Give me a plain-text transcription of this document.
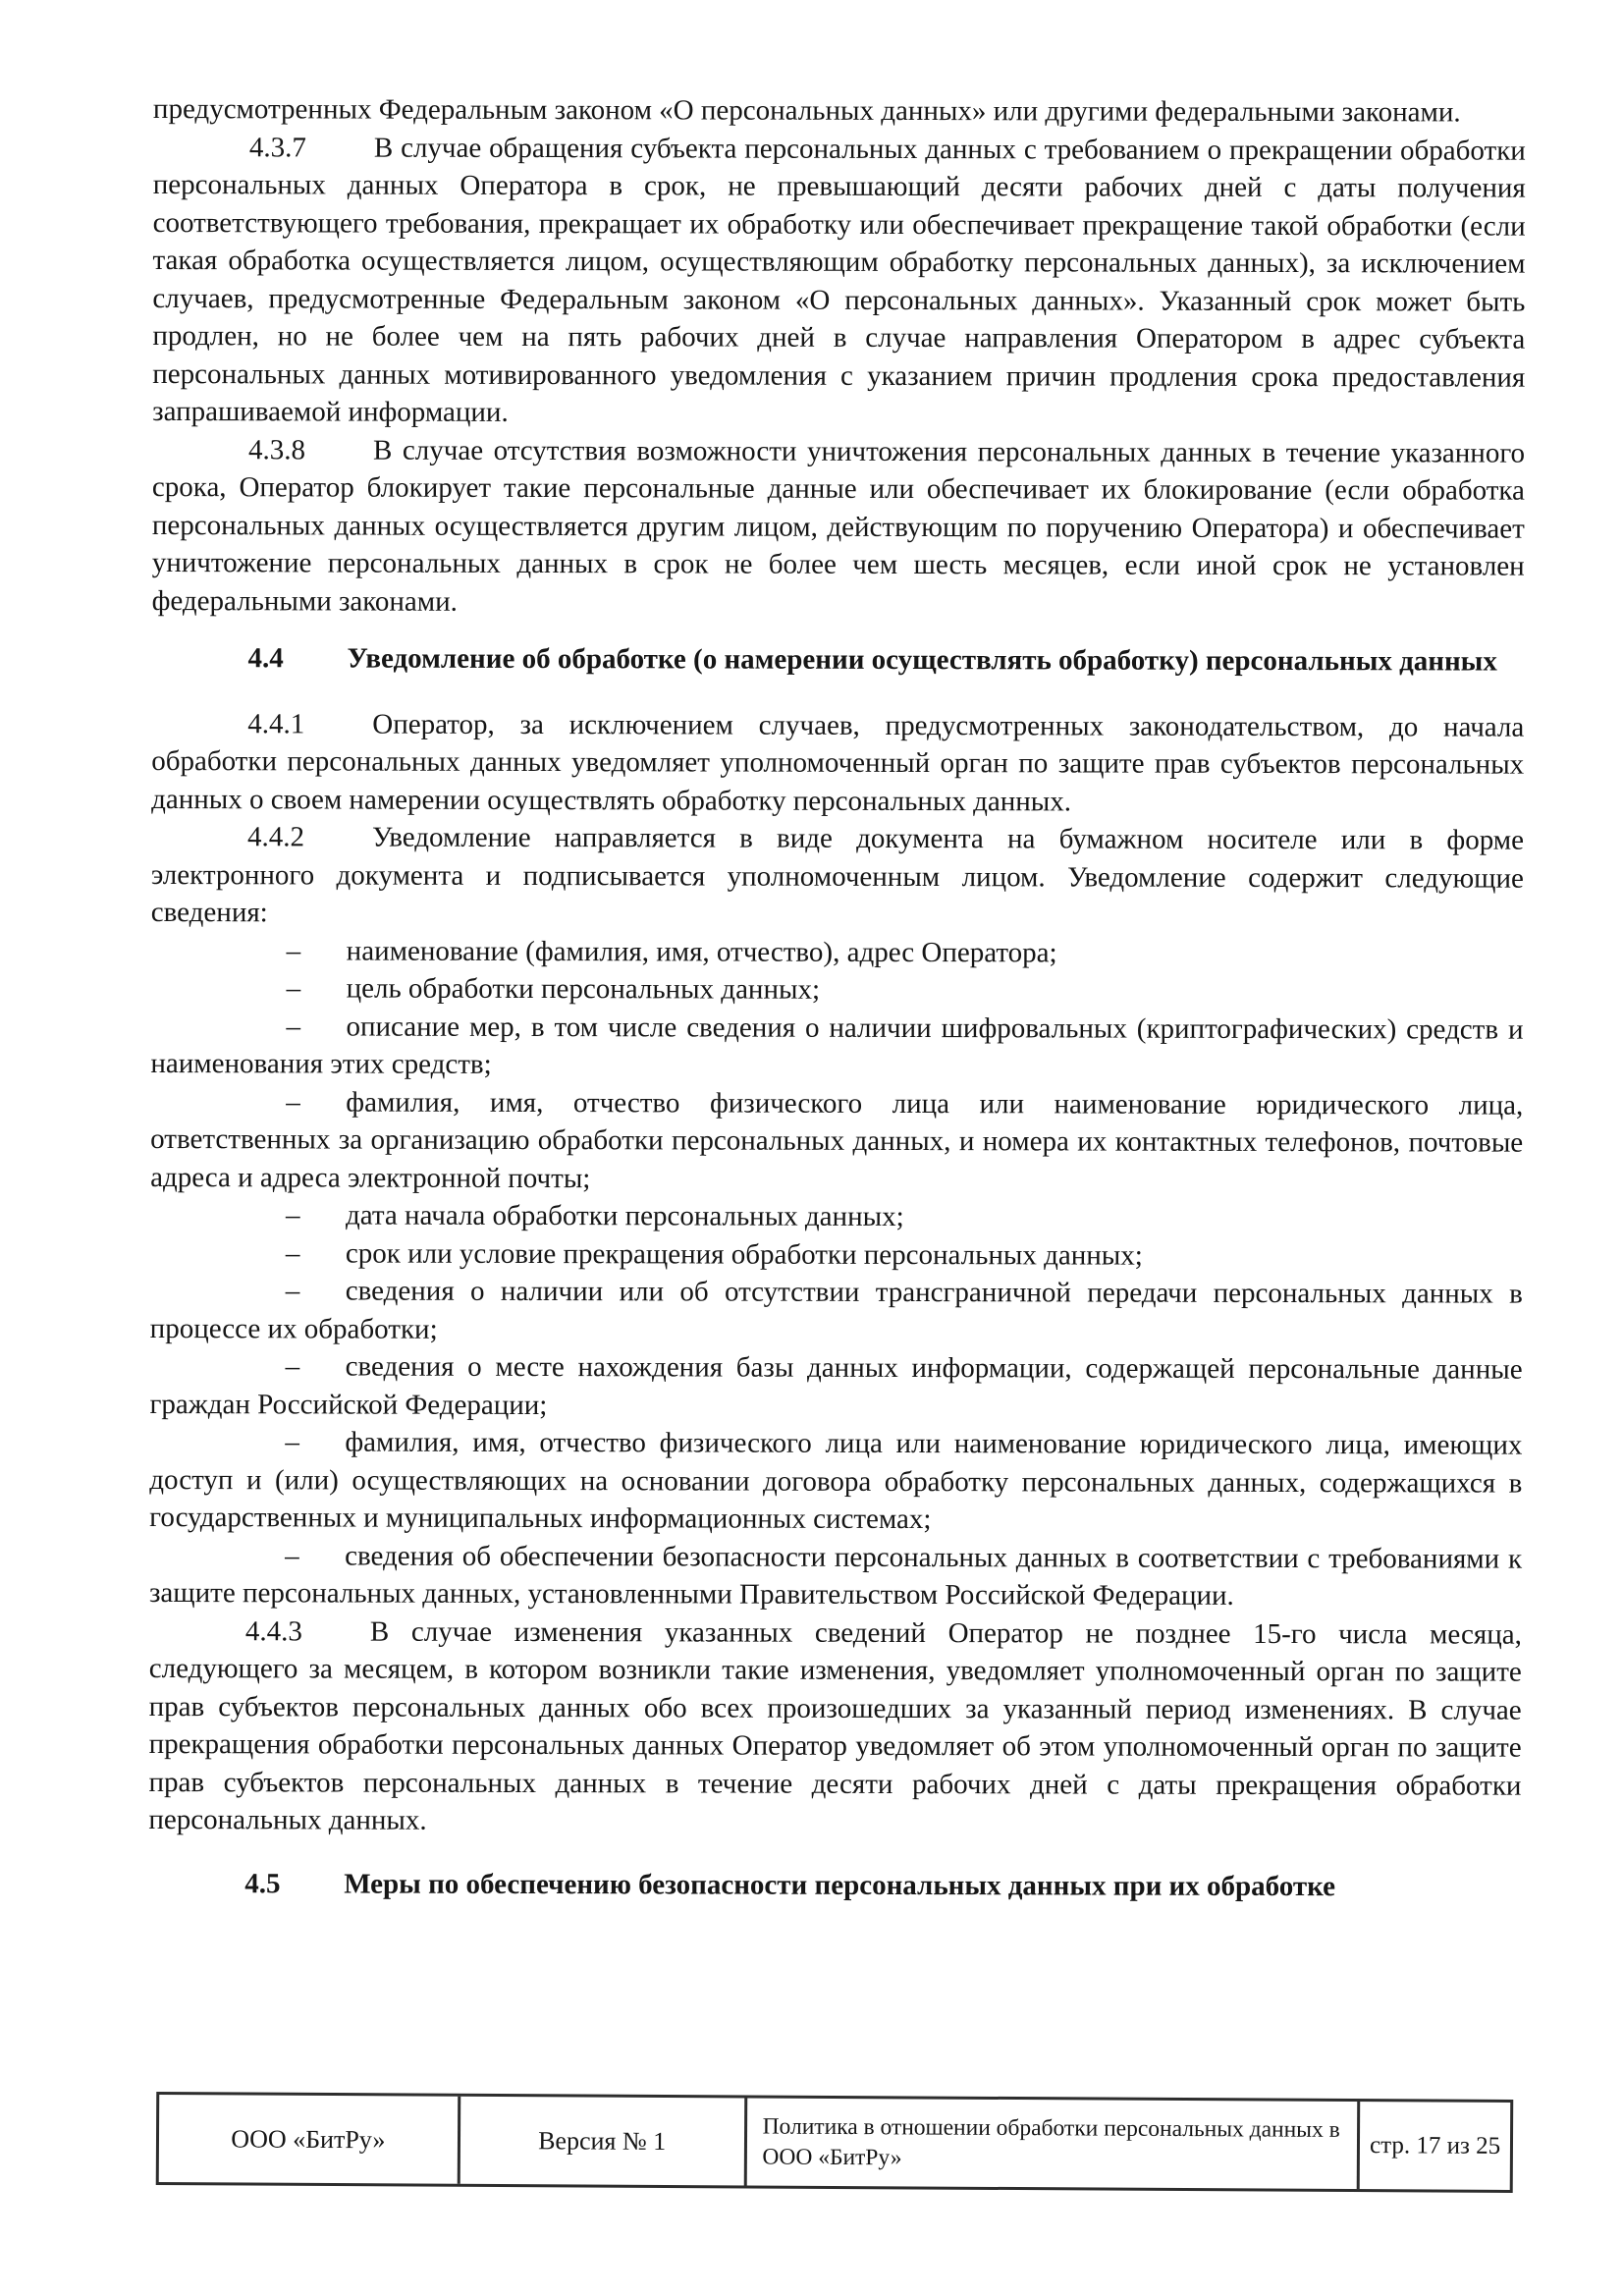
предусмотренных Федеральным законом «О персональных данных» или другими федеральными законами.

4.3.7 В случае обращения субъекта персональных данных с требованием о прекращении обработки персональных данных Оператора в срок, не превышающий десяти рабочих дней с даты получения соответствующего требования, прекращает их обработку или обеспечивает прекращение такой обработки (если такая обработка осуществляется лицом, осуществляющим обработку персональных данных), за исключением случаев, предусмотренные Федеральным законом «О персональных данных». Указанный срок может быть продлен, но не более чем на пять рабочих дней в случае направления Оператором в адрес субъекта персональных данных мотивированного уведомления с указанием причин продления срока предоставления запрашиваемой информации.

4.3.8 В случае отсутствия возможности уничтожения персональных данных в течение указанного срока, Оператор блокирует такие персональные данные или обеспечивает их блокирование (если обработка персональных данных осуществляется другим лицом, действующим по поручению Оператора) и обеспечивает уничтожение персональных данных в срок не более чем шесть месяцев, если иной срок не установлен федеральными законами.

4.4 Уведомление об обработке (о намерении осуществлять обработку) персональных данных

4.4.1 Оператор, за исключением случаев, предусмотренных законодательством, до начала обработки персональных данных уведомляет уполномоченный орган по защите прав субъектов персональных данных о своем намерении осуществлять обработку персональных данных.

4.4.2 Уведомление направляется в виде документа на бумажном носителе или в форме электронного документа и подписывается уполномоченным лицом. Уведомление содержит следующие сведения:

– наименование (фамилия, имя, отчество), адрес Оператора;

– цель обработки персональных данных;

– описание мер, в том числе сведения о наличии шифровальных (криптографических) средств и наименования этих средств;

– фамилия, имя, отчество физического лица или наименование юридического лица, ответственных за организацию обработки персональных данных, и номера их контактных телефонов, почтовые адреса и адреса электронной почты;

– дата начала обработки персональных данных;

– срок или условие прекращения обработки персональных данных;

– сведения о наличии или об отсутствии трансграничной передачи персональных данных в процессе их обработки;

– сведения о месте нахождения базы данных информации, содержащей персональные данные граждан Российской Федерации;

– фамилия, имя, отчество физического лица или наименование юридического лица, имеющих доступ и (или) осуществляющих на основании договора обработку персональных данных, содержащихся в государственных и муниципальных информационных системах;

– сведения об обеспечении безопасности персональных данных в соответствии с требованиями к защите персональных данных, установленными Правительством Российской Федерации.

4.4.3 В случае изменения указанных сведений Оператор не позднее 15-го числа месяца, следующего за месяцем, в котором возникли такие изменения, уведомляет уполномоченный орган по защите прав субъектов персональных данных обо всех произошедших за указанный период изменениях. В случае прекращения обработки персональных данных Оператор уведомляет об этом уполномоченный орган по защите прав субъектов персональных данных в течение десяти рабочих дней с даты прекращения обработки персональных данных.

4.5 Меры по обеспечению безопасности персональных данных при их обработке

ООО «БитРу»	Версия № 1	Политика в отношении обработки персональных данных в ООО «БитРу»	стр. 17 из 25
